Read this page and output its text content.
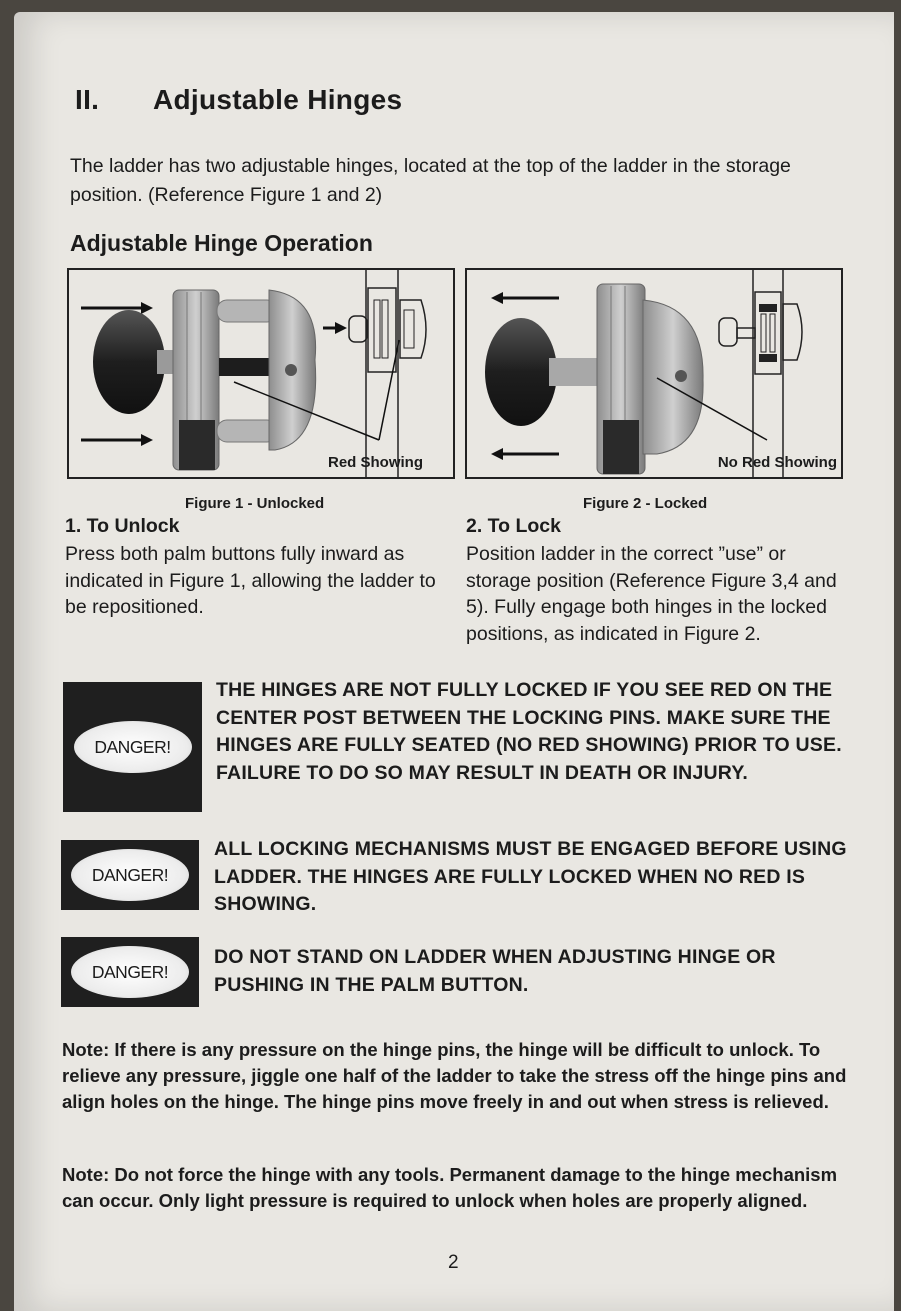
II. Adjustable Hinges

The ladder has two adjustable hinges, located at the top of the ladder in the storage position. (Reference Figure 1 and 2)

Adjustable Hinge Operation
Red Showing	No Red Showing
Figure 1 - Unlocked	Figure 2 - Locked
1. To Unlock
Press both palm buttons fully inward as indicated in Figure 1, allowing the ladder to be repositioned.
2. To Lock
Position ladder in the correct ”use” or storage position (Reference Figure 3,4 and 5). Fully engage both hinges in the locked positions, as indicated in Figure 2.
DANGER!
THE HINGES ARE NOT FULLY LOCKED IF YOU SEE RED ON THE CENTER POST BETWEEN THE LOCKING PINS. MAKE SURE THE HINGES ARE FULLY SEATED (NO RED SHOWING) PRIOR TO USE. FAILURE TO DO SO MAY RESULT IN DEATH OR INJURY.
DANGER!
ALL LOCKING MECHANISMS MUST BE ENGAGED BEFORE USING LADDER. THE HINGES ARE FULLY LOCKED WHEN NO RED IS SHOWING.
DANGER!
DO NOT STAND ON LADDER WHEN ADJUSTING HINGE OR PUSHING IN THE PALM BUTTON.

Note: If there is any pressure on the hinge pins, the hinge will be difficult to unlock. To relieve any pressure, jiggle one half of the ladder to take the stress off the hinge pins and align holes on the hinge. The hinge pins move freely in and out when stress is relieved.

Note: Do not force the hinge with any tools. Permanent damage to the hinge mechanism can occur. Only light pressure is required to unlock when holes are properly aligned.

2
